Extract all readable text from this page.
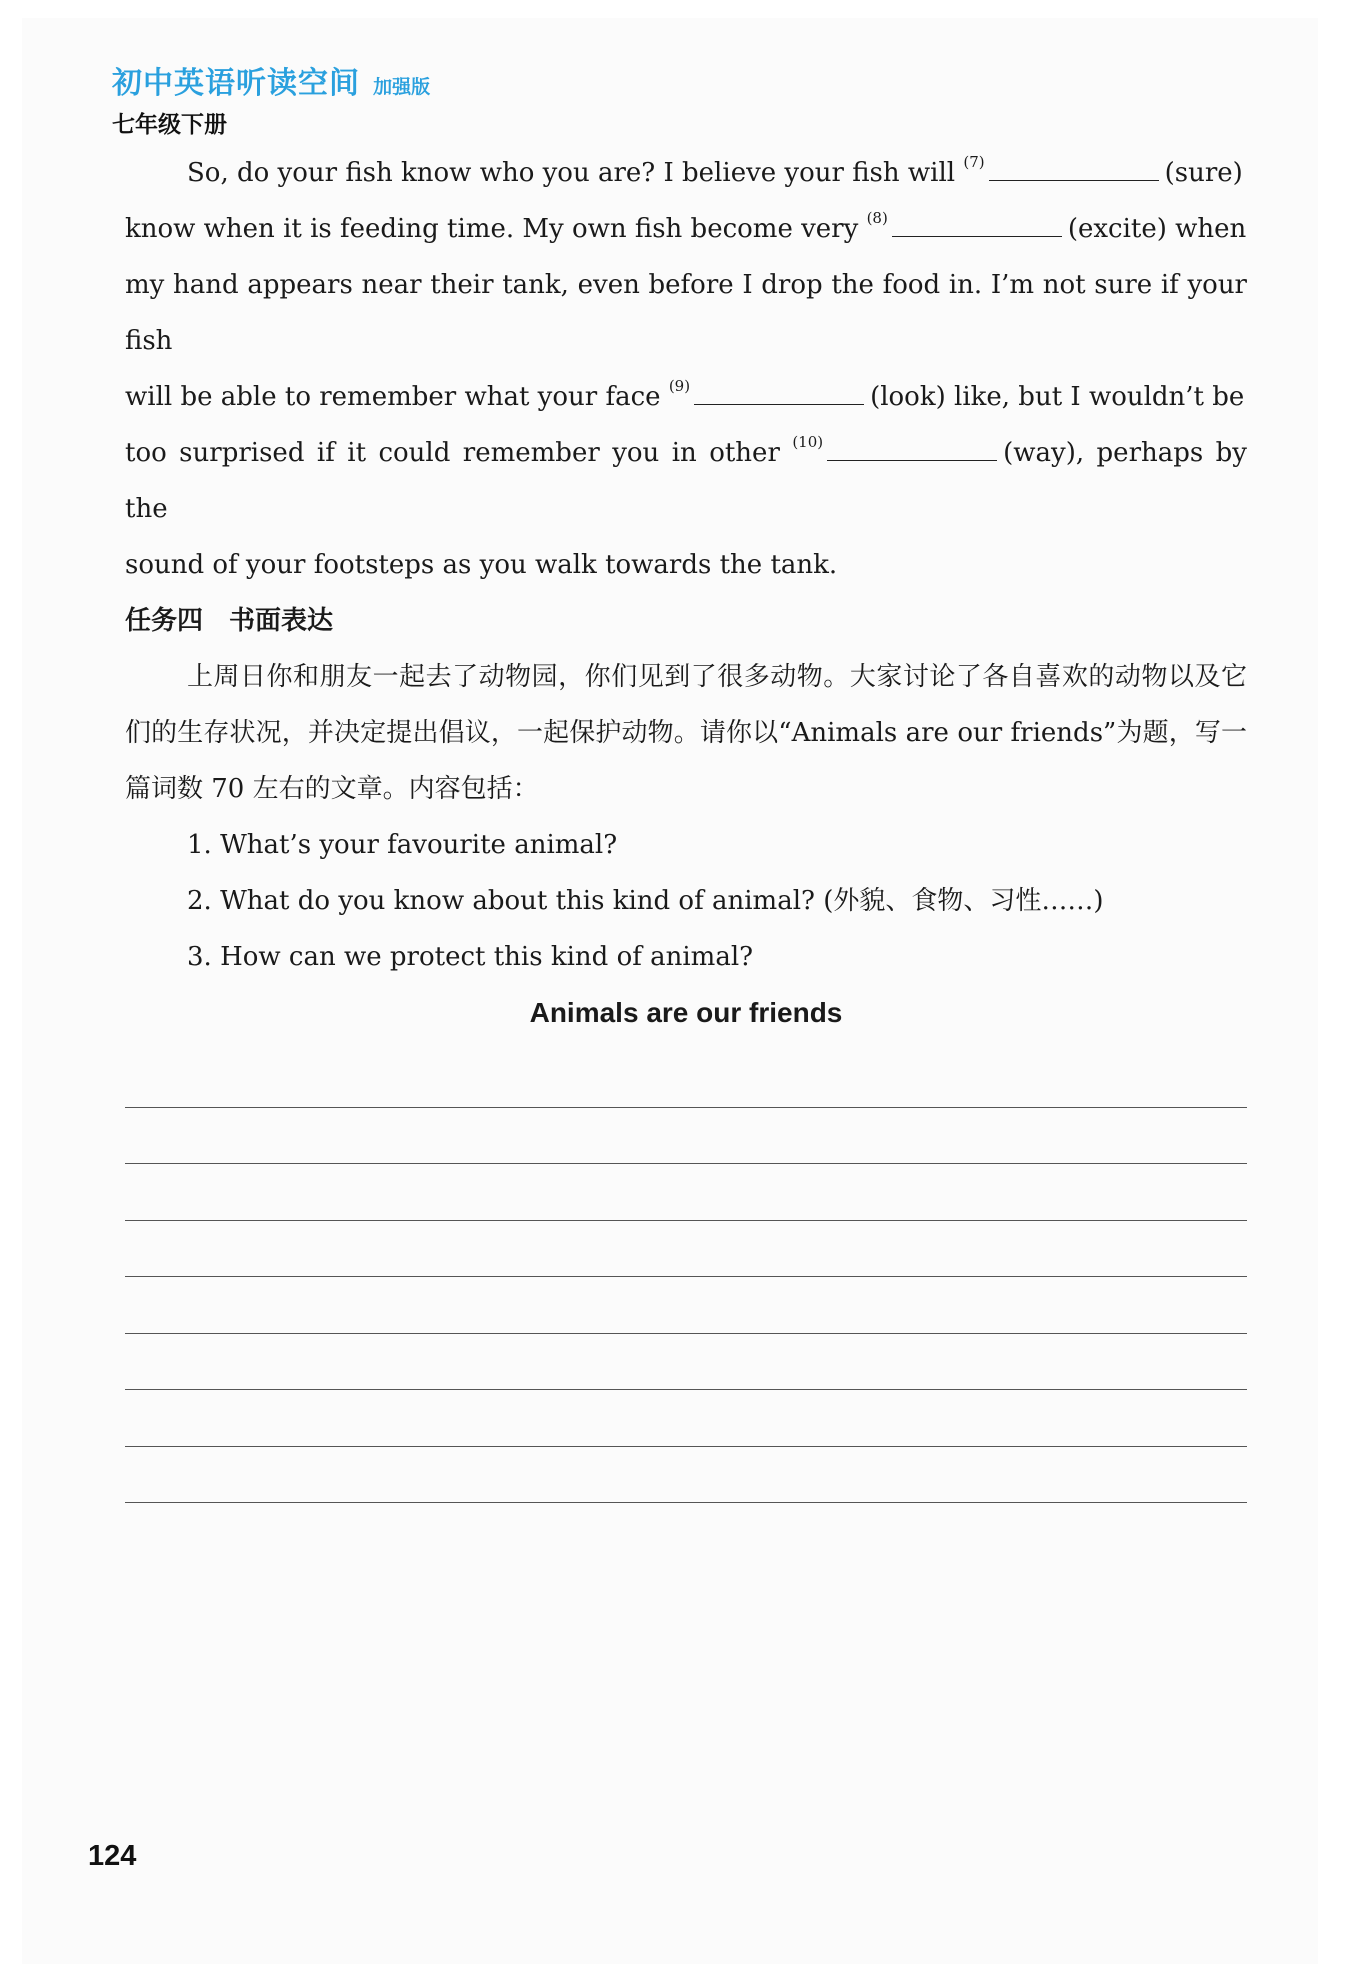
初中英语听读空间 加强版
七年级下册
So, do your fish know who you are? I believe your fish will $^{(7)}$	(sure)
know when it is feeding time. My own fish become very $^{(8)}$	(excite) when
my hand appears near their tank, even before I drop the food in. I’m not sure if your fish
will be able to remember what your face $^{(9)}$	(look) like, but I wouldn’t be
too surprised if it could remember you in other $^{(10)}$	(way), perhaps by the
sound of your footsteps as you walk towards the tank.
任务四　书面表达
上周日你和朋友一起去了动物园，你们见到了很多动物。大家讨论了各自喜欢的动物以及它们的生存状况，并决定提出倡议，一起保护动物。请你以“Animals are our friends”为题，写一篇词数 70 左右的文章。内容包括：
1. What’s your favourite animal?
2. What do you know about this kind of animal? (外貌、食物、习性……)
3. How can we protect this kind of animal?
Animals are our friends
124
